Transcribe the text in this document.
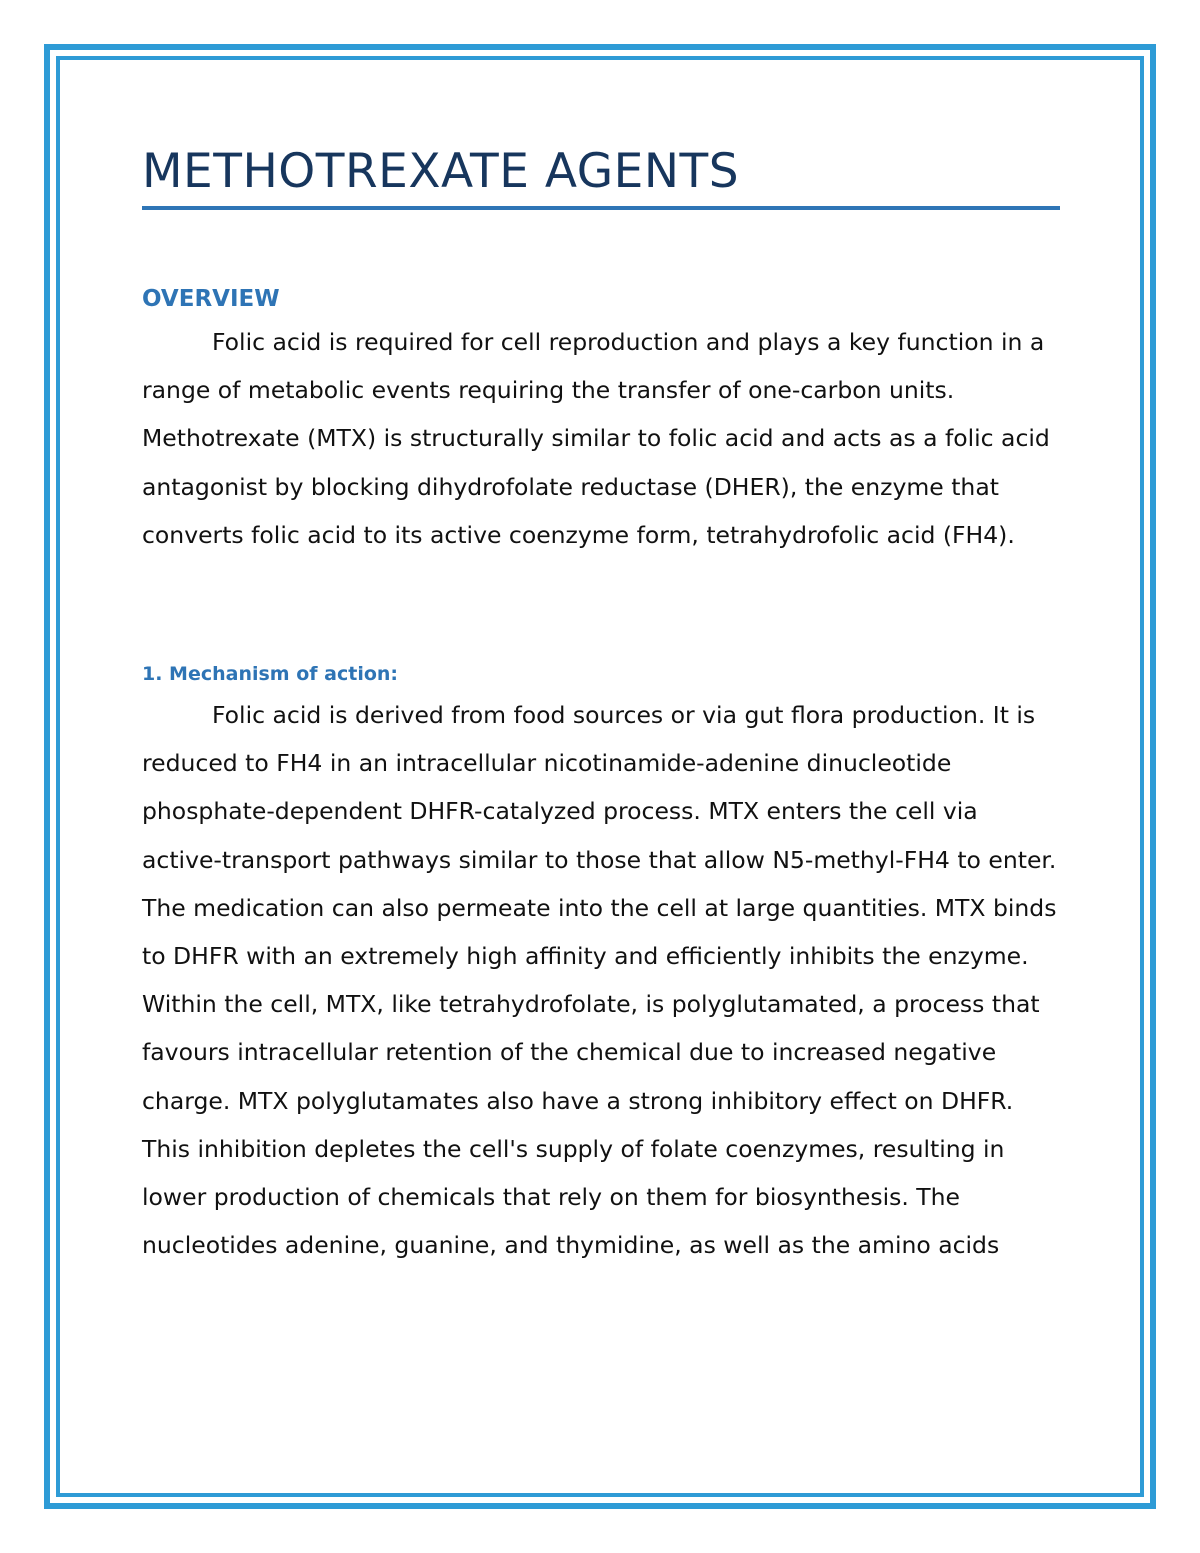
METHOTREXATE AGENTS
OVERVIEW

Folic acid is required for cell reproduction and plays a key function in a range of metabolic events requiring the transfer of one-carbon units. Methotrexate (MTX) is structurally similar to folic acid and acts as a folic acid antagonist by blocking dihydrofolate reductase (DHER), the enzyme that converts folic acid to its active coenzyme form, tetrahydrofolic acid (FH4).

1. Mechanism of action:

Folic acid is derived from food sources or via gut flora production. It is reduced to FH4 in an intracellular nicotinamide-adenine dinucleotide phosphate-dependent DHFR-catalyzed process. MTX enters the cell via active-transport pathways similar to those that allow N5-methyl-FH4 to enter. The medication can also permeate into the cell at large quantities. MTX binds to DHFR with an extremely high affinity and efficiently inhibits the enzyme. Within the cell, MTX, like tetrahydrofolate, is polyglutamated, a process that favours intracellular retention of the chemical due to increased negative charge. MTX polyglutamates also have a strong inhibitory effect on DHFR. This inhibition depletes the cell's supply of folate coenzymes, resulting in lower production of chemicals that rely on them for biosynthesis. The nucleotides adenine, guanine, and thymidine, as well as the amino acids
